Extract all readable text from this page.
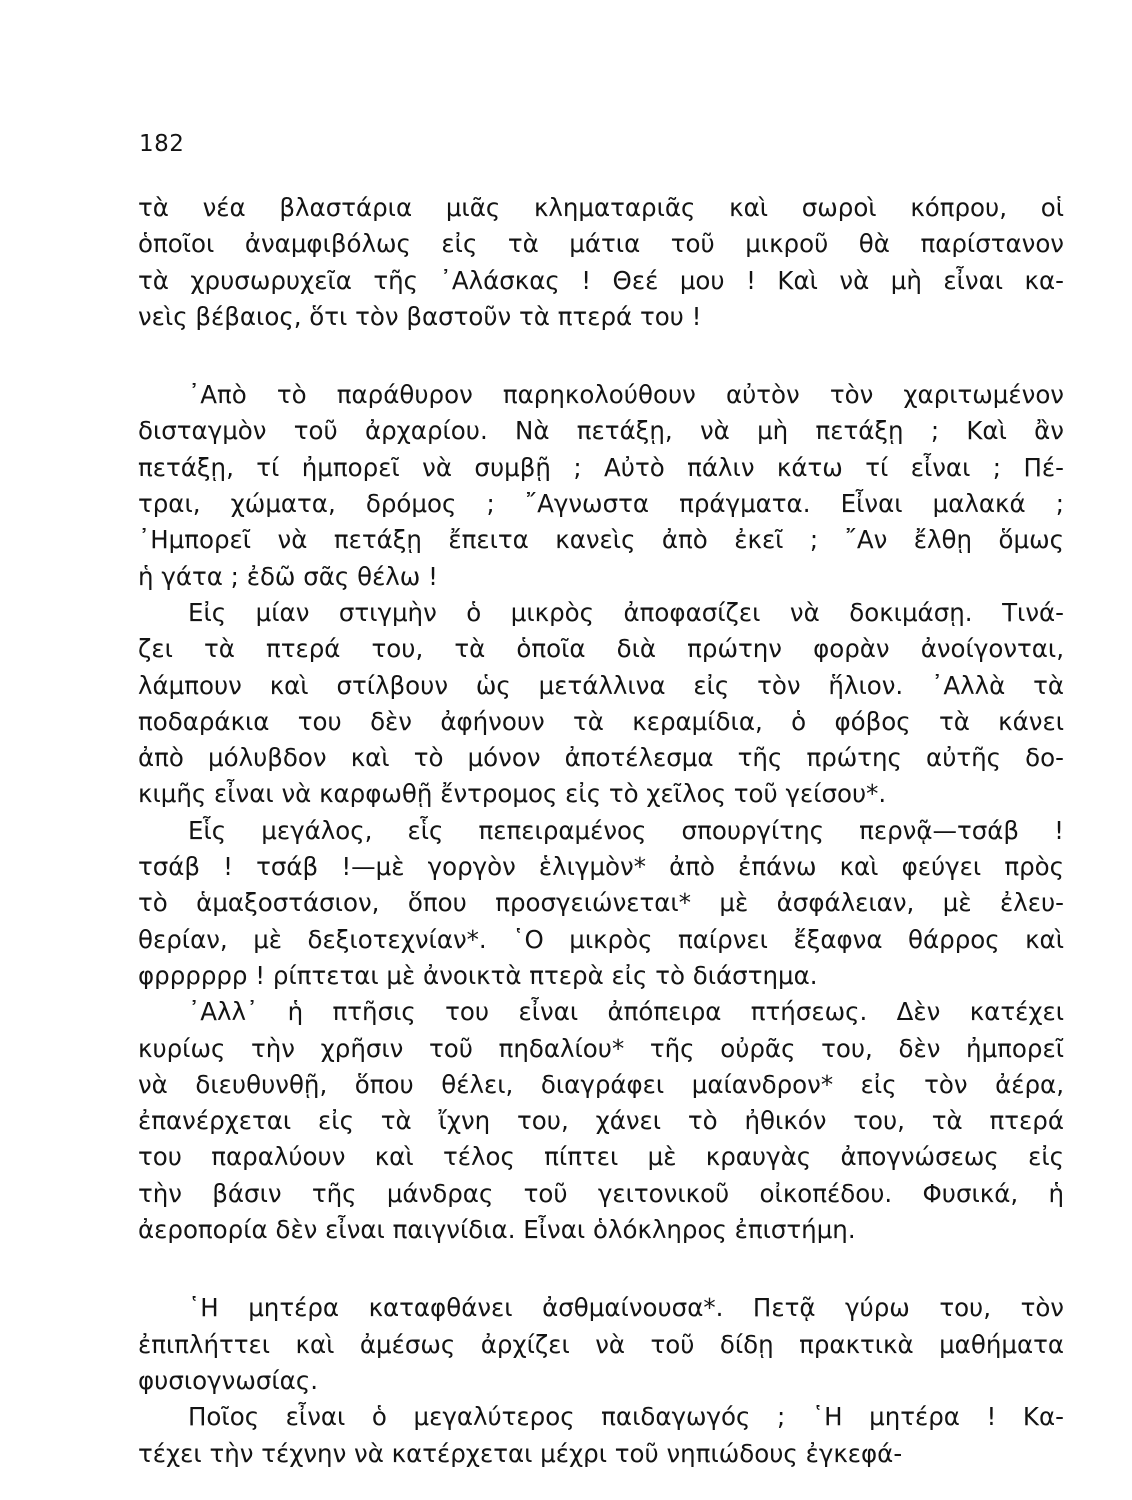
182
τὰ νέα βλαστάρια μιᾶς κληματαριᾶς καὶ σωροὶ κόπρου, οἱ
ὁποῖοι ἀναμφιβόλως εἰς τὰ μάτια τοῦ μικροῦ θὰ παρίστανον
τὰ χρυσωρυχεῖα τῆς ᾿Αλάσκας ! Θεέ μου ! Καὶ νὰ μὴ εἶναι κα-
νεὶς βέβαιος, ὅτι τὸν βαστοῦν τὰ πτερά του !
᾿Απὸ τὸ παράθυρον παρηκολούθουν αὐτὸν τὸν χαριτωμένον
δισταγμὸν τοῦ ἀρχαρίου. Νὰ πετάξῃ, νὰ μὴ πετάξῃ ; Καὶ ἂν
πετάξῃ, τί ἠμπορεῖ νὰ συμβῇ ; Αὐτὸ πάλιν κάτω τί εἶναι ; Πέ-
τραι, χώματα, δρόμος ; ῎Αγνωστα πράγματα. Εἶναι μαλακά ;
᾿Ημπορεῖ νὰ πετάξῃ ἔπειτα κανεὶς ἀπὸ ἐκεῖ ; ῎Αν ἔλθῃ ὅμως
ἡ γάτα ; ἐδῶ σᾶς θέλω !
Εἰς μίαν στιγμὴν ὁ μικρὸς ἀποφασίζει νὰ δοκιμάσῃ. Τινά-
ζει τὰ πτερά του, τὰ ὁποῖα διὰ πρώτην φορὰν ἀνοίγονται,
λάμπουν καὶ στίλβουν ὡς μετάλλινα εἰς τὸν ἥλιον. ᾿Αλλὰ τὰ
ποδαράκια του δὲν ἀφήνουν τὰ κεραμίδια, ὁ φόβος τὰ κάνει
ἀπὸ μόλυβδον καὶ τὸ μόνον ἀποτέλεσμα τῆς πρώτης αὐτῆς δο-
κιμῆς εἶναι νὰ καρφωθῇ ἔντρομος εἰς τὸ χεῖλος τοῦ γείσου*.
Εἷς μεγάλος, εἷς πεπειραμένος σπουργίτης περνᾷ—τσάβ !
τσάβ ! τσάβ !—μὲ γοργὸν ἑλιγμὸν* ἀπὸ ἐπάνω καὶ φεύγει πρὸς
τὸ ἁμαξοστάσιον, ὅπου προσγειώνεται* μὲ ἀσφάλειαν, μὲ ἐλευ-
θερίαν, μὲ δεξιοτεχνίαν*. ῾Ο μικρὸς παίρνει ἔξαφνα θάρρος καὶ
φρρρρρρ ! ρίπτεται μὲ ἀνοικτὰ πτερὰ εἰς τὸ διάστημα.
᾿Αλλ᾿ ἡ πτῆσις του εἶναι ἀπόπειρα πτήσεως. Δὲν κατέχει
κυρίως τὴν χρῆσιν τοῦ πηδαλίου* τῆς οὐρᾶς του, δὲν ἠμπορεῖ
νὰ διευθυνθῇ, ὅπου θέλει, διαγράφει μαίανδρον* εἰς τὸν ἀέρα,
ἐπανέρχεται εἰς τὰ ἴχνη του, χάνει τὸ ἠθικόν του, τὰ πτερά
του παραλύουν καὶ τέλος πίπτει μὲ κραυγὰς ἀπογνώσεως εἰς
τὴν βάσιν τῆς μάνδρας τοῦ γειτονικοῦ οἰκοπέδου. Φυσικά, ἡ
ἀεροπορία δὲν εἶναι παιγνίδια. Εἶναι ὁλόκληρος ἐπιστήμη.
῾Η μητέρα καταφθάνει ἀσθμαίνουσα*. Πετᾷ γύρω του, τὸν
ἐπιπλήττει καὶ ἀμέσως ἀρχίζει νὰ τοῦ δίδῃ πρακτικὰ μαθήματα
φυσιογνωσίας.
Ποῖος εἶναι ὁ μεγαλύτερος παιδαγωγός ; ῾Η μητέρα ! Κα-
τέχει τὴν τέχνην νὰ κατέρχεται μέχρι τοῦ νηπιώδους ἐγκεφά-
